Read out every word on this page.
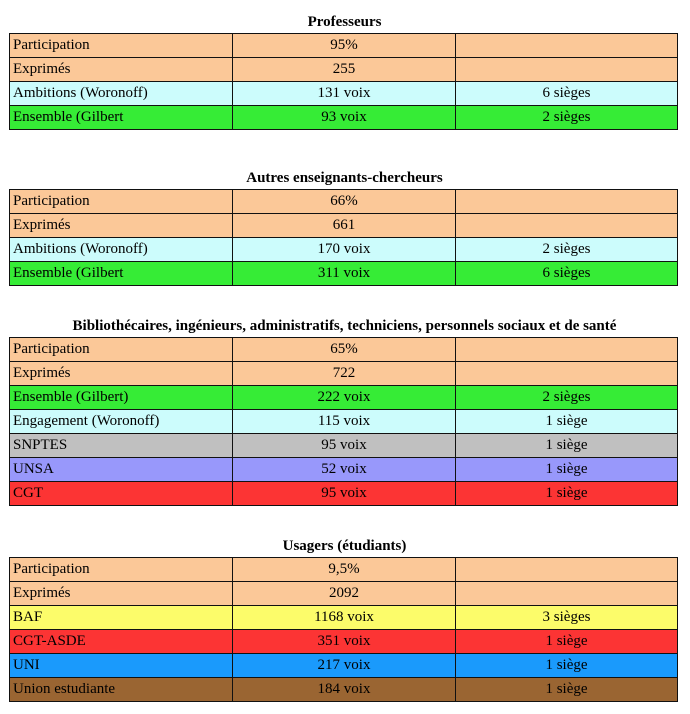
Professeurs
Participation	95%	
Exprimés	255	
Ambitions (Woronoff)	131 voix	6 sièges
Ensemble (Gilbert	93 voix	2 sièges
Autres enseignants-chercheurs
Participation	66%	
Exprimés	661	
Ambitions (Woronoff)	170 voix	2 sièges
Ensemble (Gilbert	311 voix	6 sièges
Bibliothécaires, ingénieurs, administratifs, techniciens, personnels sociaux et de santé
Participation	65%	
Exprimés	722	
Ensemble (Gilbert)	222 voix	2 sièges
Engagement (Woronoff)	115 voix	1 siège
SNPTES	95 voix	1 siège
UNSA	52 voix	1 siège
CGT	95 voix	1 siège
Usagers (étudiants)
Participation	9,5%	
Exprimés	2092	
BAF	1168 voix	3 sièges
CGT-ASDE	351 voix	1 siège
UNI	217 voix	1 siège
Union estudiante	184 voix	1 siège
